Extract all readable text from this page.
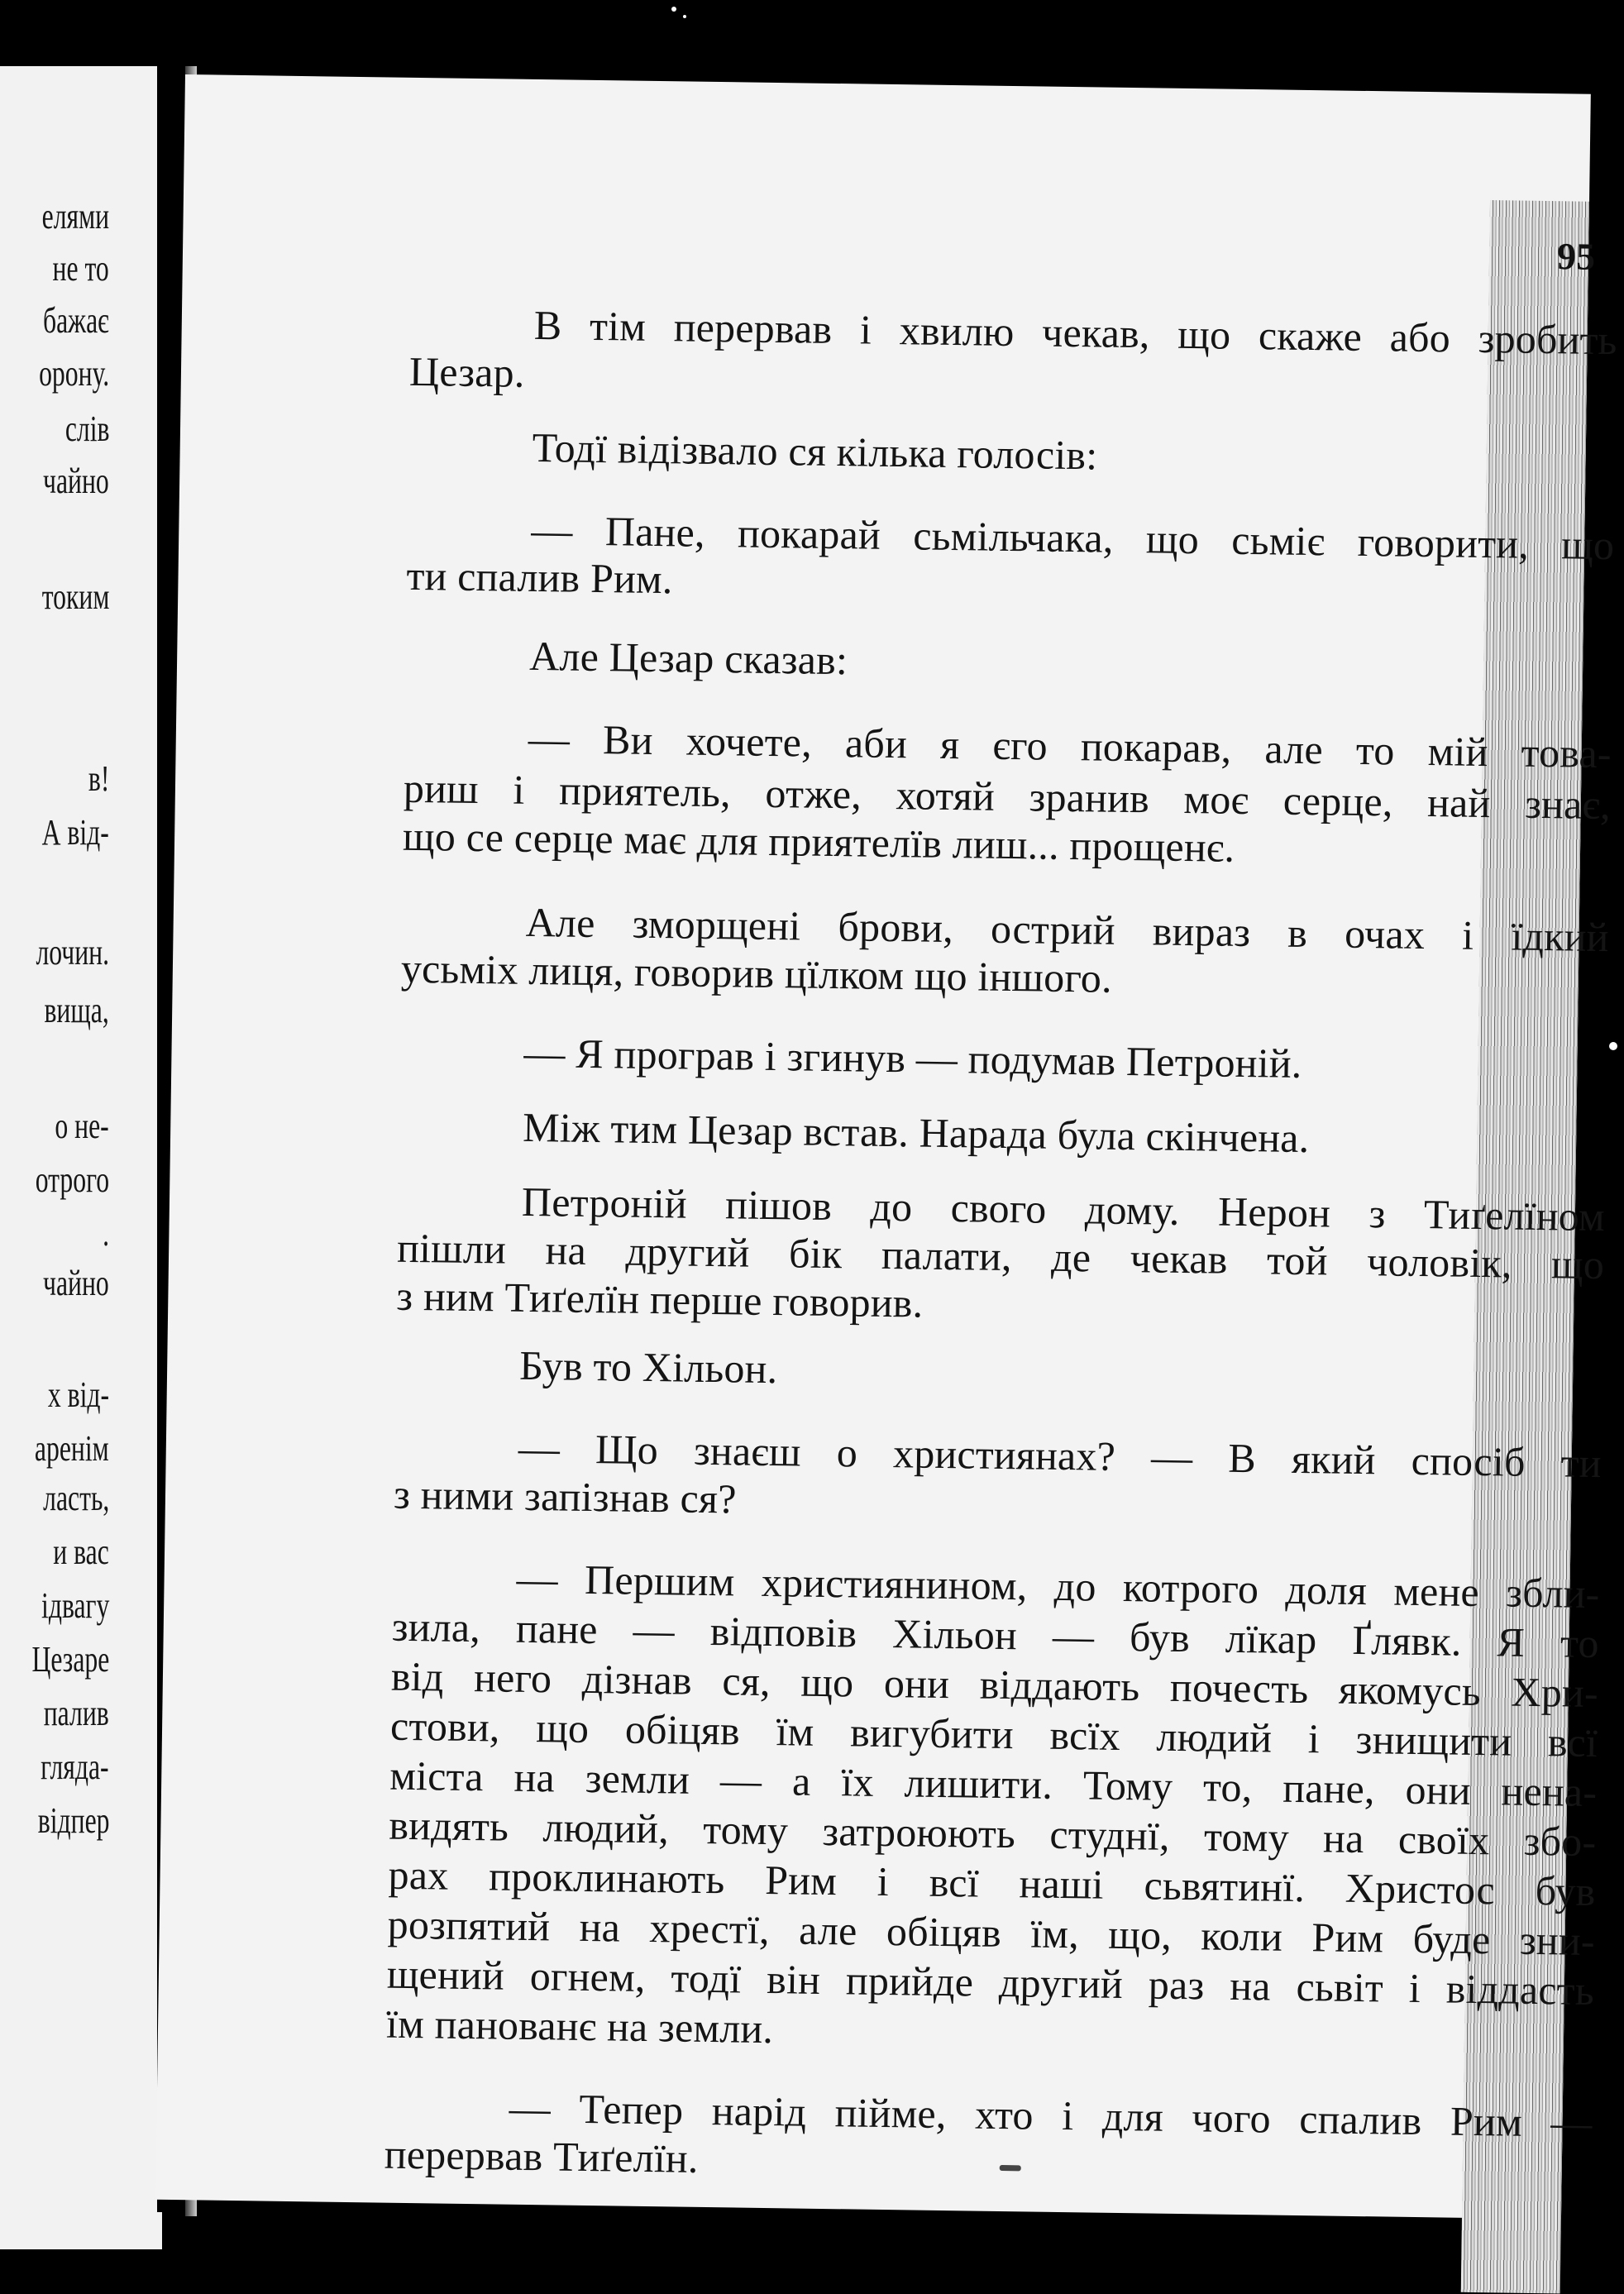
елями
не то
бажає
орону.
слів
чайно
токим
в!
А від-
лочин.
вища,
о не-
отрого
.
чайно
х від-
аренім
ласть,
и вас
ідвагу
Цезаре
палив
гляда-
відпер
95
В тім перервав і хвилю чекав, що скаже або зробить
Цезар.
Тодї відізвало ся кілька голосів:
— Пане, покарай сьмільчака, що сьміє говорити, що
ти спалив Рим.
Але Цезар сказав:
— Ви хочете, аби я єго покарав, але то мій това-
риш і приятель, отже, хотяй зранив моє серце, най знає,
що се серце має для приятелїв лиш... прощенє.
Але зморщені брови, острий вираз в очах і їдкий
усьміх лиця, говорив цїлком що іншого.
— Я програв і згинув — подумав Петроній.
Між тим Цезар встав. Нарада була скінчена.
Петроній пішов до свого дому. Нерон з Тиґелїном
пішли на другий бік палати, де чекав той чоловік, що
з ним Тиґелїн перше говорив.
Був то Хільон.
— Що знаєш о християнах? — В який спосіб ти
з ними запізнав ся?
— Першим християнином, до котрого доля мене збли-
зила, пане — відповів Хільон — був лїкар Ґлявк. Я то
від него дізнав ся, що они віддають почесть якомусь Хри-
стови, що обіцяв їм вигубити всїх людий і знищити всї
міста на земли — а їх лишити. Тому то, пане, они нена-
видять людий, тому затроюють студнї, тому на своїх збо-
рах проклинають Рим і всї наші сьвятинї. Христос був
розпятий на хрестї, але обіцяв їм, що, коли Рим буде зни-
щений огнем, тодї він прийде другий раз на сьвіт і віддасть
їм панованє на земли.
— Тепер нарід пійме, хто і для чого спалив Рим —
перервав Тиґелїн.
